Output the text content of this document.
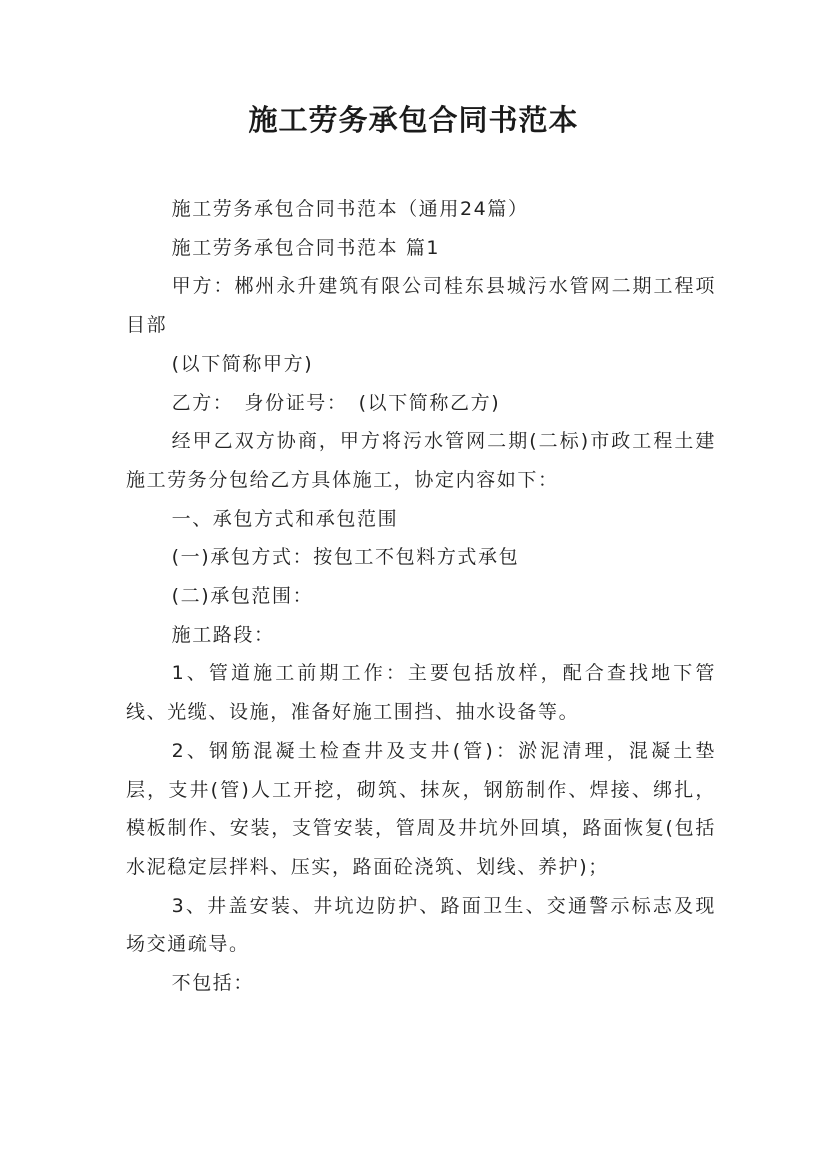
施工劳务承包合同书范本

施工劳务承包合同书范本（通用24篇）

施工劳务承包合同书范本 篇1

甲方：郴州永升建筑有限公司桂东县城污水管网二期工程项目部

(以下简称甲方)

乙方：　身份证号：　(以下简称乙方)

经甲乙双方协商，甲方将污水管网二期(二标)市政工程土建施工劳务分包给乙方具体施工，协定内容如下：

一、承包方式和承包范围

(一)承包方式：按包工不包料方式承包

(二)承包范围：

施工路段：

1、管道施工前期工作：主要包括放样，配合查找地下管线、光缆、设施，准备好施工围挡、抽水设备等。

2、钢筋混凝土检查井及支井(管)：淤泥清理，混凝土垫层，支井(管)人工开挖，砌筑、抹灰，钢筋制作、焊接、绑扎，模板制作、安装，支管安装，管周及井坑外回填，路面恢复(包括水泥稳定层拌料、压实，路面砼浇筑、划线、养护)；

3、井盖安装、井坑边防护、路面卫生、交通警示标志及现场交通疏导。

不包括：
